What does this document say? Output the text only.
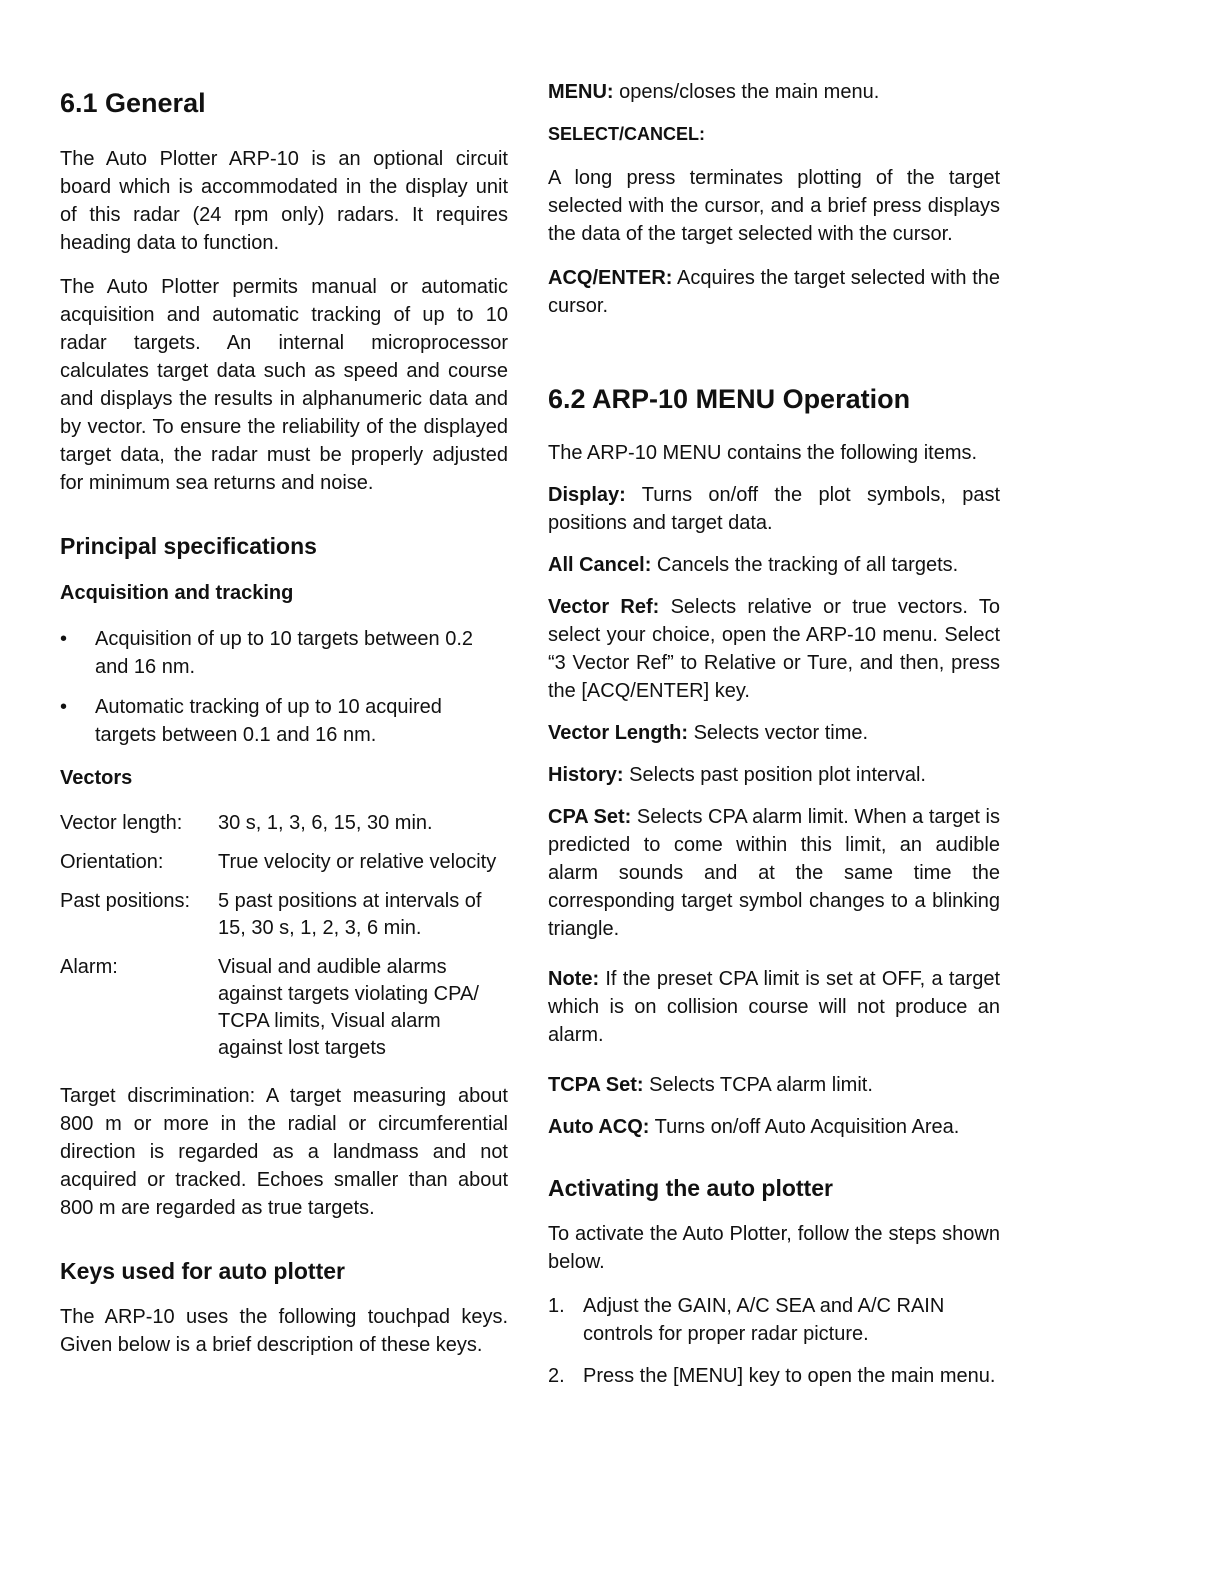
6.1 General

The Auto Plotter ARP-10 is an optional circuit board which is accommodated in the display unit of this radar (24 rpm only) radars. It requires heading data to function.

The Auto Plotter permits manual or automatic acquisition and automatic tracking of up to 10 radar targets. An internal microprocessor calculates target data such as speed and course and displays the results in alphanumeric data and by vector. To ensure the reliability of the displayed target data, the radar must be properly adjusted for minimum sea returns and noise.

Principal specifications
Acquisition and tracking
• Acquisition of up to 10 targets between 0.2 and 16 nm.
• Automatic tracking of up to 10 acquired targets between 0.1 and 16 nm.
Vectors
Vector length:	30 s, 1, 3, 6, 15, 30 min.
Orientation:	True velocity or relative velocity
Past positions:	5 past positions at intervals of 15, 30 s, 1, 2, 3, 6 min.
Alarm:	Visual and audible alarms against targets violating CPA/ TCPA limits, Visual alarm against lost targets

Target discrimination: A target measuring about 800 m or more in the radial or circumferential direction is regarded as a landmass and not acquired or tracked. Echoes smaller than about 800 m are regarded as true targets.

Keys used for auto plotter

The ARP-10 uses the following touchpad keys. Given below is a brief description of these keys.

MENU: opens/closes the main menu.

SELECT/CANCEL:

A long press terminates plotting of the target selected with the cursor, and a brief press displays the data of the target selected with the cursor.

ACQ/ENTER: Acquires the target selected with the cursor.

6.2 ARP-10 MENU Operation

The ARP-10 MENU contains the following items.

Display: Turns on/off the plot symbols, past positions and target data.

All Cancel: Cancels the tracking of all targets.

Vector Ref: Selects relative or true vectors. To select your choice, open the ARP-10 menu. Select “3 Vector Ref” to Relative or Ture, and then, press the [ACQ/ENTER] key.

Vector Length: Selects vector time.

History: Selects past position plot interval.

CPA Set: Selects CPA alarm limit. When a target is predicted to come within this limit, an audible alarm sounds and at the same time the corresponding target symbol changes to a blinking triangle.

Note: If the preset CPA limit is set at OFF, a target which is on collision course will not produce an alarm.

TCPA Set: Selects TCPA alarm limit.

Auto ACQ: Turns on/off Auto Acquisition Area.

Activating the auto plotter

To activate the Auto Plotter, follow the steps shown below.

1. Adjust the GAIN, A/C SEA and A/C RAIN controls for proper radar picture.
2. Press the [MENU] key to open the main menu.
